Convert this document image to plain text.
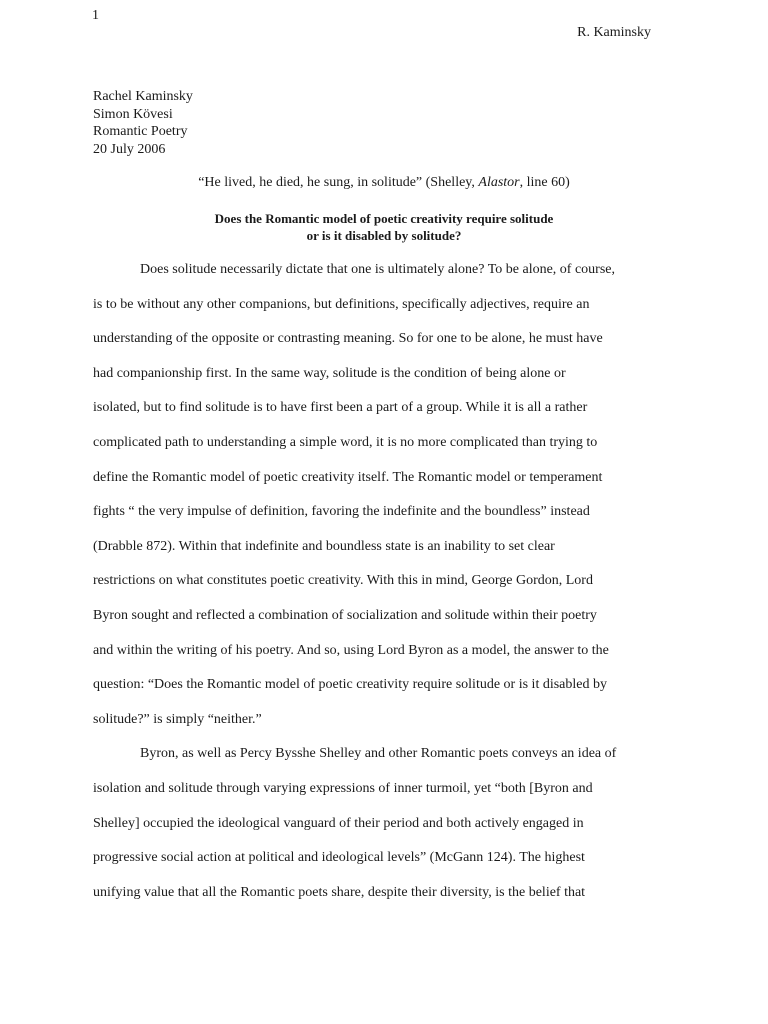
1
R. Kaminsky
Rachel Kaminsky
Simon Kövesi
Romantic Poetry
20 July 2006
“He lived, he died, he sung, in solitude” (Shelley, Alastor, line 60)
Does the Romantic model of poetic creativity require solitude
or is it disabled by solitude?
Does solitude necessarily dictate that one is ultimately alone? To be alone, of course,
is to be without any other companions, but definitions, specifically adjectives, require an
understanding of the opposite or contrasting meaning. So for one to be alone, he must have
had companionship first. In the same way, solitude is the condition of being alone or
isolated, but to find solitude is to have first been a part of a group. While it is all a rather
complicated path to understanding a simple word, it is no more complicated than trying to
define the Romantic model of poetic creativity itself. The Romantic model or temperament
fights “ the very impulse of definition, favoring the indefinite and the boundless” instead
(Drabble 872). Within that indefinite and boundless state is an inability to set clear
restrictions on what constitutes poetic creativity. With this in mind, George Gordon, Lord
Byron sought and reflected a combination of socialization and solitude within their poetry
and within the writing of his poetry. And so, using Lord Byron as a model, the answer to the
question: “Does the Romantic model of poetic creativity require solitude or is it disabled by
solitude?” is simply “neither.”
Byron, as well as Percy Bysshe Shelley and other Romantic poets conveys an idea of
isolation and solitude through varying expressions of inner turmoil, yet “both [Byron and
Shelley] occupied the ideological vanguard of their period and both actively engaged in
progressive social action at political and ideological levels” (McGann 124). The highest
unifying value that all the Romantic poets share, despite their diversity, is the belief that
